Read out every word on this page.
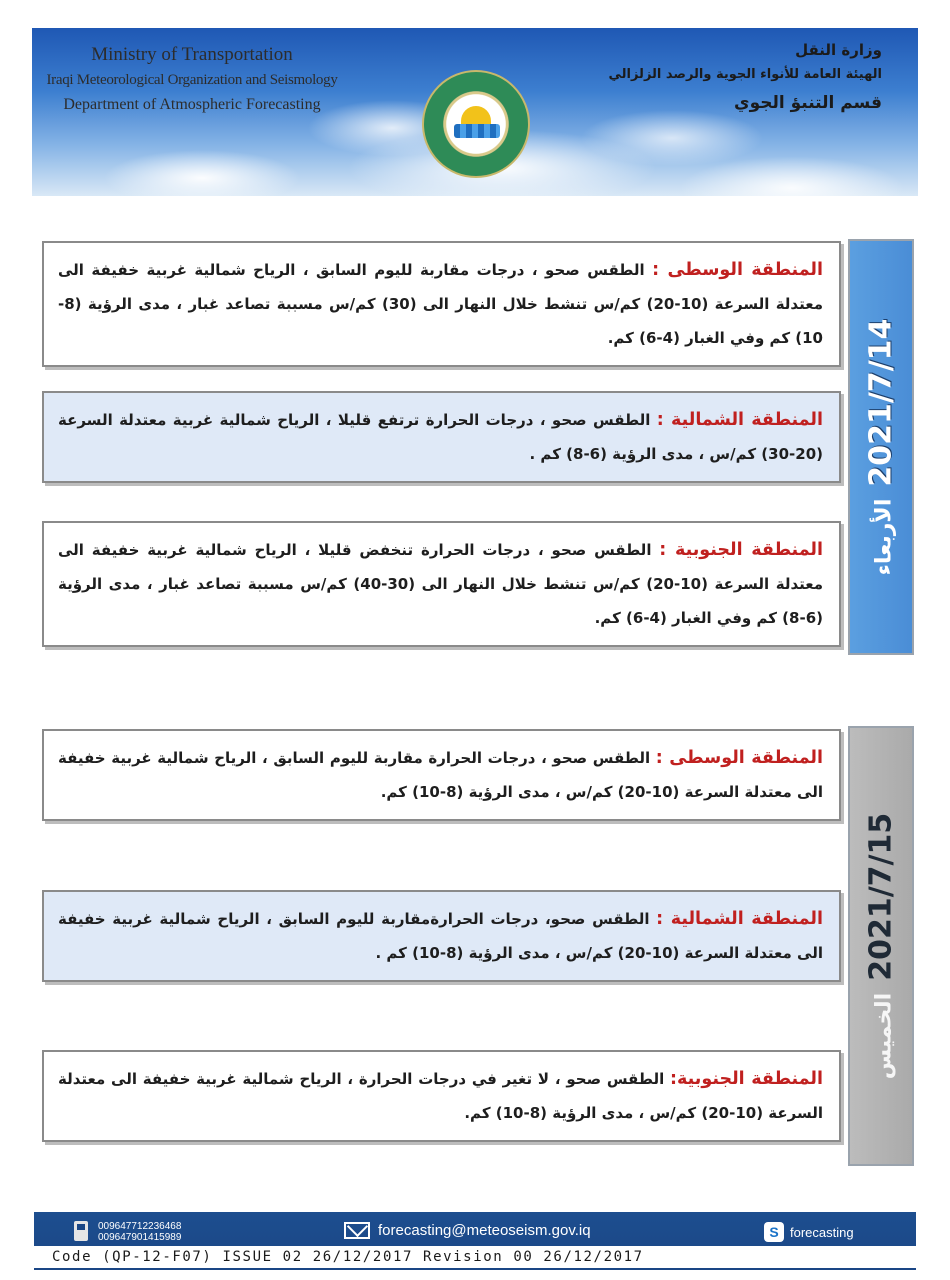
Ministry of Transportation
Iraqi Meteorological Organization and Seismology
Department of Atmospheric Forecasting
وزارة النقل
الهيئة العامة للأنواء الجوية والرصد الزلزالي
قسم التنبؤ الجوي

المنطقة الوسطى : الطقس صحو ، درجات مقاربة لليوم السابق ، الرياح شمالية غربية خفيفة الى معتدلة السرعة (10-20) كم/س تنشط خلال النهار الى (30) كم/س مسببة تصاعد غبار ، مدى الرؤية (8-10) كم وفي الغبار (4-6) كم.

المنطقة الشمالية : الطقس صحو ، درجات الحرارة ترتفع قليلا ، الرياح شمالية غربية معتدلة السرعة (20-30) كم/س ، مدى الرؤية (6-8) كم .

المنطقة الجنوبية : الطقس صحو ، درجات الحرارة تنخفض قليلا ، الرياح شمالية غربية خفيفة الى معتدلة السرعة (10-20) كم/س تنشط خلال النهار الى (30-40) كم/س مسببة تصاعد غبار ، مدى الرؤية (6-8) كم وفي الغبار (4-6) كم.

2021/7/14
الأربعاء

المنطقة الوسطى : الطقس صحو ، درجات الحرارة مقاربة لليوم السابق ، الرياح شمالية غربية خفيفة الى معتدلة السرعة (10-20) كم/س ، مدى الرؤية (8-10) كم.

المنطقة الشمالية : الطقس صحو، درجات الحرارةمقاربة لليوم السابق ، الرياح شمالية غربية خفيفة الى معتدلة السرعة (10-20) كم/س ، مدى الرؤية (8-10) كم .

المنطقة الجنوبية: الطقس صحو ، لا تغير في درجات الحرارة ، الرياح شمالية غربية خفيفة الى معتدلة السرعة (10-20) كم/س ، مدى الرؤية (8-10) كم.

2021/7/15
الخميس
009647712236468
009647901415989	forecasting@meteoseism.gov.iq	S forecasting
Code (QP-12-F07) ISSUE 02 26/12/2017 Revision 00 26/12/2017
